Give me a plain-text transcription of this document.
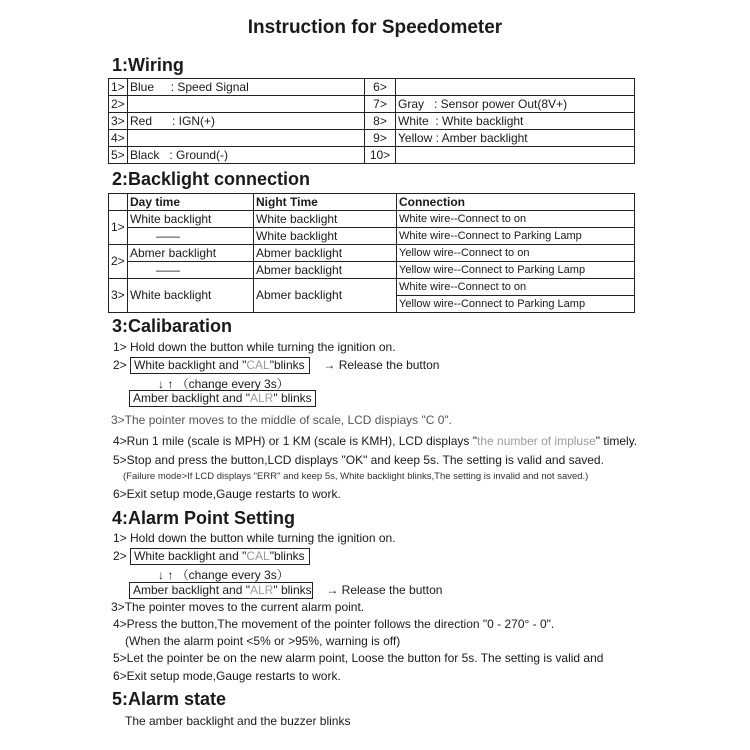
Instruction for Speedometer
1:Wiring
1>	Blue     : Speed Signal	6>	
2>		7>	Gray   : Sensor power Out(8V+)
3>	Red      : IGN(+)	8>	White  : White backlight
4>		9>	Yellow : Amber backlight
5>	Black   : Ground(-)	10>	
2:Backlight connection
	Day time	Night Time	Connection
1>	White backlight	White backlight	White wire--Connect to on
	——	White backlight	White wire--Connect to Parking Lamp
2>	Abmer backlight	Abmer backlight	Yellow wire--Connect to on
	——	Abmer backlight	Yellow wire--Connect to Parking Lamp
3>	White backlight	Abmer backlight	White wire--Connect to on
			Yellow wire--Connect to Parking Lamp
3:Calibaration
1> Hold down the button while turning the ignition on.
2> White backlight and "CAL"blinks → Release the button
↓ ↑ （change every 3s）
Amber backlight and "ALR" blinks
3>The pointer moves to the middle of scale, LCD dispiays "C 0".
4>Run 1 mile (scale is MPH) or 1 KM (scale is KMH), LCD displays "the number of impluse" timely.
5>Stop and press the button,LCD displays "OK" and keep 5s. The setting is valid and saved.
(Failure mode>If LCD displays "ERR" and keep 5s, White backlight blinks,The setting is invalid and not saved.)
6>Exit setup mode,Gauge restarts to work.
4:Alarm Point Setting
1> Hold down the button while turning the ignition on.
2> White backlight and "CAL"blinks
↓ ↑ （change every 3s）
Amber backlight and "ALR" blinks → Release the button
3>The pointer moves to the current alarm point.
4>Press the button,The movement of the pointer follows the direction "0 - 270° - 0".
(When the alarm point <5% or >95%, warning is off)
5>Let the pointer be on the new alarm point, Loose the button for 5s. The setting is valid and
6>Exit setup mode,Gauge restarts to work.
5:Alarm state
The amber backlight and the buzzer blinks
